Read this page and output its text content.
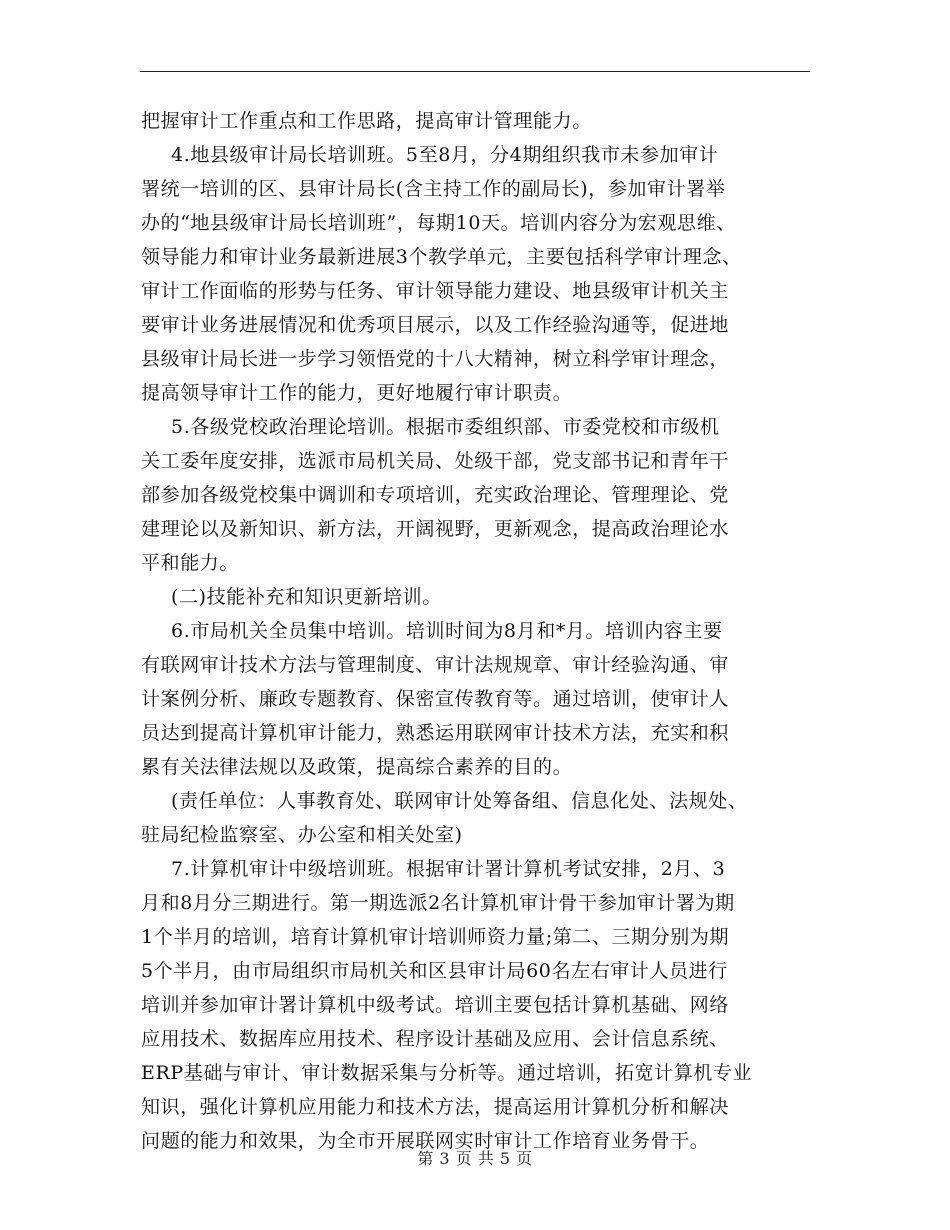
把握审计工作重点和工作思路，提高审计管理能力。
4.地县级审计局长培训班。5至8月，分4期组织我市未参加审计
署统一培训的区、县审计局长(含主持工作的副局长)，参加审计署举
办的“地县级审计局长培训班”，每期10天。培训内容分为宏观思维、
领导能力和审计业务最新进展3个教学单元，主要包括科学审计理念、
审计工作面临的形势与任务、审计领导能力建设、地县级审计机关主
要审计业务进展情况和优秀项目展示，以及工作经验沟通等，促进地
县级审计局长进一步学习领悟党的十八大精神，树立科学审计理念，
提高领导审计工作的能力，更好地履行审计职责。
5.各级党校政治理论培训。根据市委组织部、市委党校和市级机
关工委年度安排，选派市局机关局、处级干部，党支部书记和青年干
部参加各级党校集中调训和专项培训，充实政治理论、管理理论、党
建理论以及新知识、新方法，开阔视野，更新观念，提高政治理论水
平和能力。
(二)技能补充和知识更新培训。
6.市局机关全员集中培训。培训时间为8月和*月。培训内容主要
有联网审计技术方法与管理制度、审计法规规章、审计经验沟通、审
计案例分析、廉政专题教育、保密宣传教育等。通过培训，使审计人
员达到提高计算机审计能力，熟悉运用联网审计技术方法，充实和积
累有关法律法规以及政策，提高综合素养的目的。
(责任单位：人事教育处、联网审计处筹备组、信息化处、法规处、
驻局纪检监察室、办公室和相关处室)
7.计算机审计中级培训班。根据审计署计算机考试安排，2月、3
月和8月分三期进行。第一期选派2名计算机审计骨干参加审计署为期
1个半月的培训，培育计算机审计培训师资力量;第二、三期分别为期
5个半月，由市局组织市局机关和区县审计局60名左右审计人员进行
培训并参加审计署计算机中级考试。培训主要包括计算机基础、网络
应用技术、数据库应用技术、程序设计基础及应用、会计信息系统、
ERP基础与审计、审计数据采集与分析等。通过培训，拓宽计算机专业
知识，强化计算机应用能力和技术方法，提高运用计算机分析和解决
问题的能力和效果，为全市开展联网实时审计工作培育业务骨干。
第 3 页 共 5 页
